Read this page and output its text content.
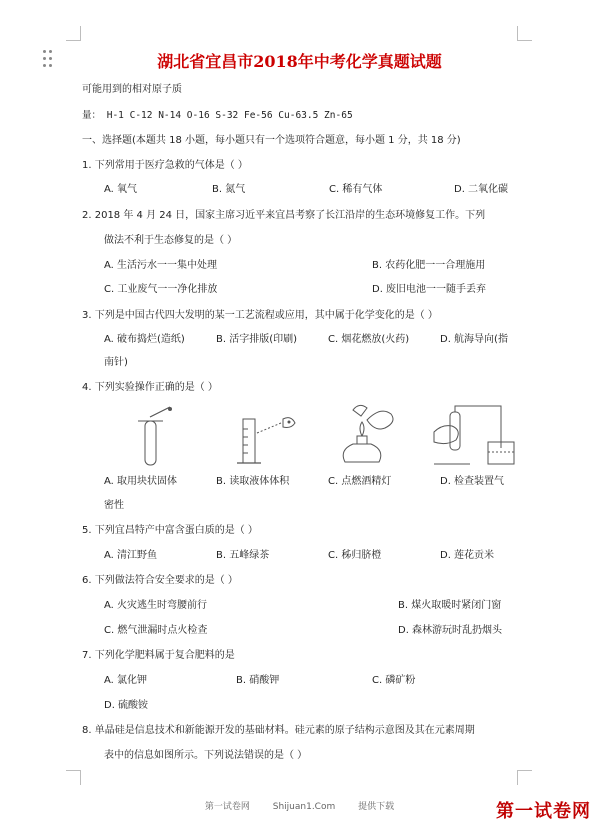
湖北省宜昌市2018年中考化学真题试题
可能用到的相对原子质
量： H-1 C-12 N-14 O-16 S-32 Fe-56 Cu-63.5 Zn-65
一、选择题(本题共 18 小题，每小题只有一个选项符合题意，每小题 1 分，共 18 分)
1. 下列常用于医疗急救的气体是（ ）
A. 氧气	B. 氮气	C. 稀有气体	D. 二氧化碳
2. 2018 年 4 月 24 日，国家主席习近平来宜昌考察了长江沿岸的生态环境修复工作。下列
做法不利于生态修复的是（ ）
A. 生活污水一一集中处理	B. 农药化肥一一合理施用
C. 工业废气一一净化排放	D. 废旧电池一一随手丢弃
3. 下列是中国古代四大发明的某一工艺流程或应用，其中属于化学变化的是（ ）
A. 破布捣烂(造纸)	B. 活字排版(印刷)	C. 烟花燃放(火药)	D. 航海导向(指
南针)
4. 下列实验操作正确的是（ ）
A. 取用块状固体	B. 读取液体体积	C. 点燃酒精灯	D. 检查装置气
密性
5. 下列宜昌特产中富含蛋白质的是（ ）
A. 清江野鱼	B. 五峰绿茶	C. 秭归脐橙	D. 莲花贡米
6. 下列做法符合安全要求的是（ ）
A. 火灾逃生时弯腰前行	B. 煤火取暖时紧闭门窗
C. 燃气泄漏时点火检查	D. 森林游玩时乱扔烟头
7. 下列化学肥料属于复合肥料的是
A. 氯化钾	B. 硝酸钾	C. 磷矿粉
D. 硫酸铵
8. 单晶硅是信息技术和新能源开发的基础材料。硅元素的原子结构示意图及其在元素周期
表中的信息如图所示。下列说法错误的是（ ）
第一试卷网	Shijuan1.Com	提供下载	第一试卷网
